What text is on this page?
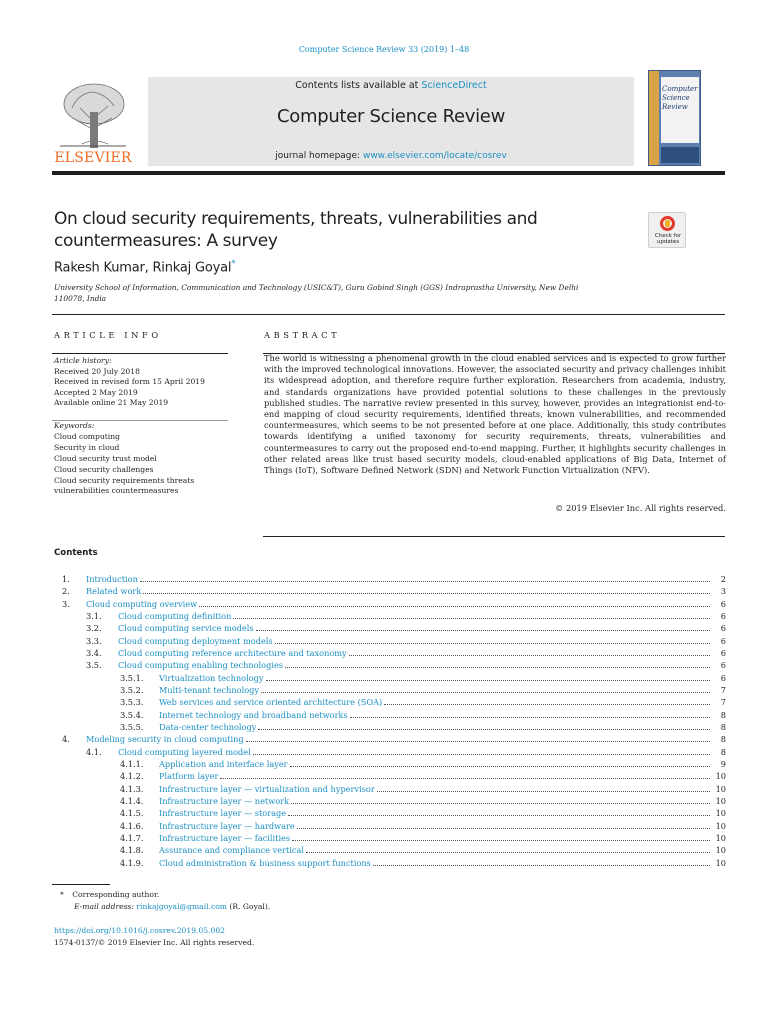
Computer Science Review 33 (2019) 1–48
ELSEVIER
Contents lists available at ScienceDirect
Computer Science Review
journal homepage: www.elsevier.com/locate/cosrev
Computer Science Review
On cloud security requirements, threats, vulnerabilities and countermeasures: A survey	Check for updates
Rakesh Kumar, Rinkaj Goyal*
University School of Information, Communication and Technology (USIC&T), Guru Gobind Singh (GGS) Indraprastha University, New Delhi 110078, India
ARTICLE INFO	ABSTRACT
Article history:
Received 20 July 2018
Received in revised form 15 April 2019
Accepted 2 May 2019
Available online 21 May 2019
Keywords:
Cloud computing
Security in cloud
Cloud security trust model
Cloud security challenges
Cloud security requirements threats
vulnerabilities countermeasures
The world is witnessing a phenomenal growth in the cloud enabled services and is expected to grow further with the improved technological innovations. However, the associated security and privacy challenges inhibit its widespread adoption, and therefore require further exploration. Researchers from academia, industry, and standards organizations have provided potential solutions to these challenges in the previously published studies. The narrative review presented in this survey, however, provides an integrationist end-to-end mapping of cloud security requirements, identified threats, known vulnerabilities, and recommended countermeasures, which seems to be not presented before at one place. Additionally, this study contributes towards identifying a unified taxonomy for security requirements, threats, vulnerabilities and countermeasures to carry out the proposed end-to-end mapping. Further, it highlights security challenges in other related areas like trust based security models, cloud-enabled applications of Big Data, Internet of Things (IoT), Software Defined Network (SDN) and Network Function Virtualization (NFV).
© 2019 Elsevier Inc. All rights reserved.
Contents
1. Introduction	2
2. Related work	3
3. Cloud computing overview	6
3.1. Cloud computing definition	6
3.2. Cloud computing service models	6
3.3. Cloud computing deployment models	6
3.4. Cloud computing reference architecture and taxonomy	6
3.5. Cloud computing enabling technologies	6
3.5.1. Virtualization technology	6
3.5.2. Multi-tenant technology	7
3.5.3. Web services and service oriented architecture (SOA)	7
3.5.4. Internet technology and broadband networks	8
3.5.5. Data-center technology	8
4. Modeling security in cloud computing	8
4.1. Cloud computing layered model	8
4.1.1. Application and interface layer	9
4.1.2. Platform layer	10
4.1.3. Infrastructure layer — virtualization and hypervisor	10
4.1.4. Infrastructure layer — network	10
4.1.5. Infrastructure layer — storage	10
4.1.6. Infrastructure layer — hardware	10
4.1.7. Infrastructure layer — facilities	10
4.1.8. Assurance and compliance vertical	10
4.1.9. Cloud administration & business support functions	10
* Corresponding author.
E-mail address: rinkajgoyal@gmail.com (R. Goyal).
https://doi.org/10.1016/j.cosrev.2019.05.002
1574-0137/© 2019 Elsevier Inc. All rights reserved.
